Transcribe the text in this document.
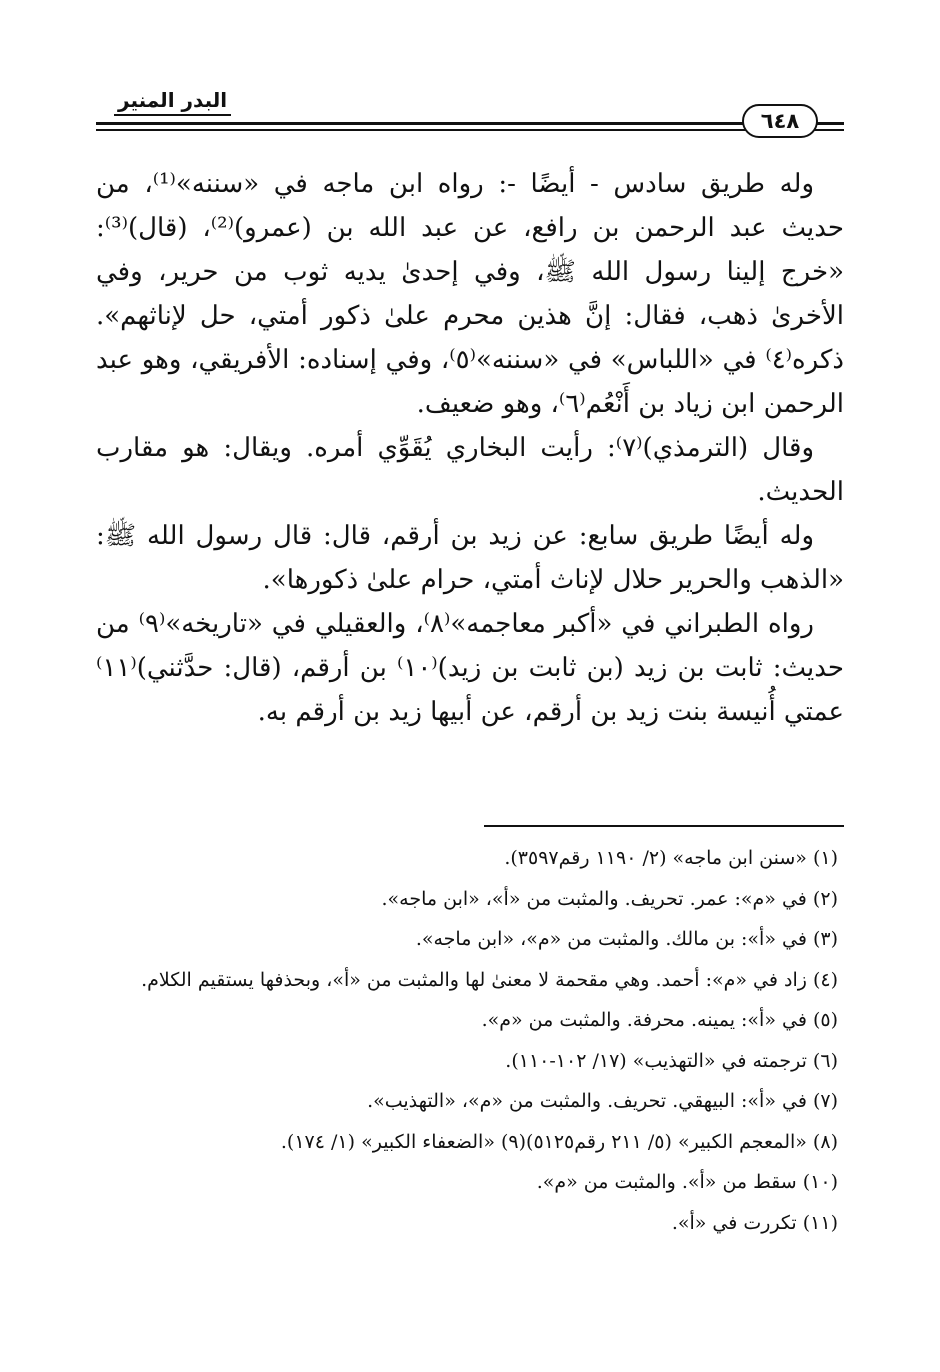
البدر المنير
٦٤٨

وله طريق سادس - أيضًا -: رواه ابن ماجه في «سننه»⁽¹⁾، من حديث عبد الرحمن بن رافع، عن عبد الله بن (عمرو)⁽²⁾، (قال)⁽³⁾: «خرج إلينا رسول الله ﷺ، وفي إحدىٰ يديه ثوب من حرير، وفي الأخرىٰ ذهب، فقال: إنَّ هذين محرم علىٰ ذكور أمتي، حل لإناثهم». ذكره⁽٤⁾ في «اللباس» في «سننه»⁽٥⁾، وفي إسناده: الأفريقي، وهو عبد الرحمن ابن زياد بن أَنْعُم⁽٦⁾، وهو ضعيف.

وقال (الترمذي)⁽٧⁾: رأيت البخاري يُقَوِّي أمره. ويقال: هو مقارب الحديث.

وله أيضًا طريق سابع: عن زيد بن أرقم، قال: قال رسول الله ﷺ: «الذهب والحرير حلال لإناث أمتي، حرام علىٰ ذكورها».

رواه الطبراني في «أكبر معاجمه»⁽٨⁾، والعقيلي في «تاريخه»⁽٩⁾ من حديث: ثابت بن زيد (بن ثابت بن زيد)⁽١٠⁾ بن أرقم، (قال: حدَّثني)⁽١١⁾ عمتي أُنيسة بنت زيد بن أرقم، عن أبيها زيد بن أرقم به.

(١) «سنن ابن ماجه» (٢/ ١١٩٠ رقم٣٥٩٧).

(٢) في «م»: عمر. تحريف. والمثبت من «أ»، «ابن ماجه».

(٣) في «أ»: بن مالك. والمثبت من «م»، «ابن ماجه».

(٤) زاد في «م»: أحمد. وهي مقحمة لا معنىٰ لها والمثبت من «أ»، وبحذفها يستقيم الكلام.

(٥) في «أ»: يمينه. محرفة. والمثبت من «م».

(٦) ترجمته في «التهذيب» (١٧/ ١٠٢-١١٠).

(٧) في «أ»: البيهقي. تحريف. والمثبت من «م»، «التهذيب».

(٨) «المعجم الكبير» (٥/ ٢١١ رقم٥١٢٥)(٩) «الضعفاء الكبير» (١/ ١٧٤).

(١٠) سقط من «أ». والمثبت من «م».

(١١) تكررت في «أ».
